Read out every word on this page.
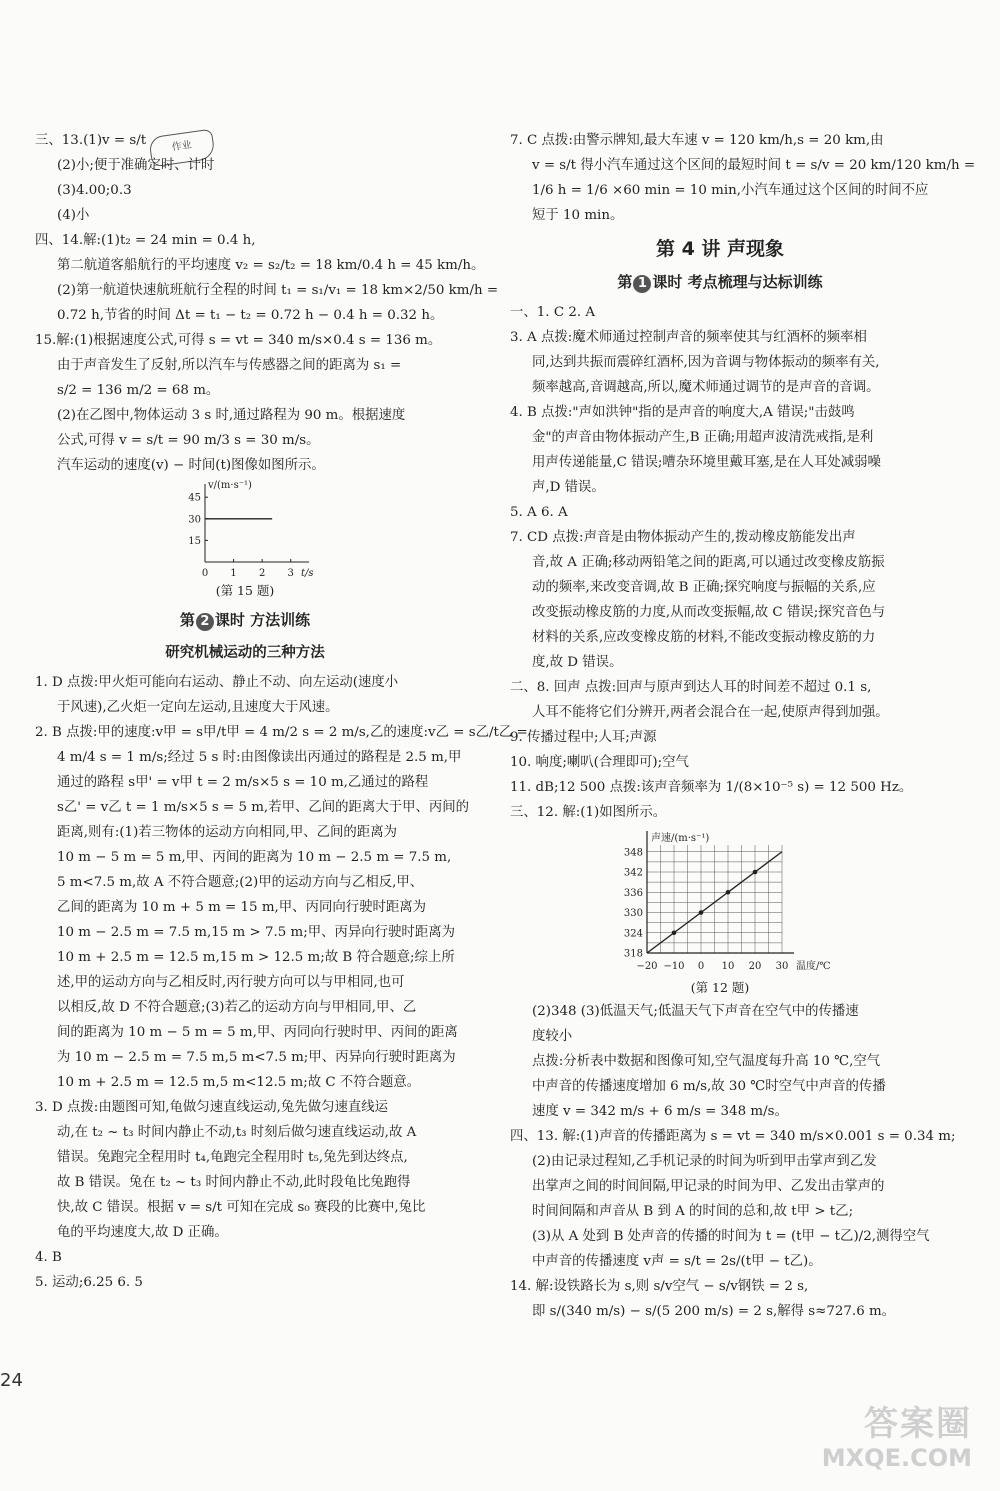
作业
三、13.(1)v = s/t
(2)小;便于准确定时、计时
(3)4.00;0.3
(4)小
四、14.解:(1)t₂ = 24 min = 0.4 h,
第二航道客船航行的平均速度 v₂ = s₂/t₂ = 18 km/0.4 h = 45 km/h。
(2)第一航道快速航班航行全程的时间 t₁ = s₁/v₁ = 18 km×2/50 km/h =
0.72 h,节省的时间 Δt = t₁ − t₂ = 0.72 h − 0.4 h = 0.32 h。
15.解:(1)根据速度公式,可得 s = vt = 340 m/s×0.4 s = 136 m。
由于声音发生了反射,所以汽车与传感器之间的距离为 s₁ =
s/2 = 136 m/2 = 68 m。
(2)在乙图中,物体运动 3 s 时,通过路程为 90 m。根据速度
公式,可得 v = s/t = 90 m/3 s = 30 m/s。
汽车运动的速度(v) − 时间(t)图像如图所示。
v/(m·s⁻¹)
t/s
0 1 2 3
15
30
45
(第 15 题)
第 2 课时 方法训练
研究机械运动的三种方法
1. D 点拨:甲火炬可能向右运动、静止不动、向左运动(速度小
于风速),乙火炬一定向左运动,且速度大于风速。
2. B 点拨:甲的速度:v甲 = s甲/t甲 = 4 m/2 s = 2 m/s,乙的速度:v乙 = s乙/t乙 =
4 m/4 s = 1 m/s;经过 5 s 时:由图像读出丙通过的路程是 2.5 m,甲
通过的路程 s甲' = v甲 t = 2 m/s×5 s = 10 m,乙通过的路程
s乙' = v乙 t = 1 m/s×5 s = 5 m,若甲、乙间的距离大于甲、丙间的
距离,则有:(1)若三物体的运动方向相同,甲、乙间的距离为
10 m − 5 m = 5 m,甲、丙间的距离为 10 m − 2.5 m = 7.5 m,
5 m<7.5 m,故 A 不符合题意;(2)甲的运动方向与乙相反,甲、
乙间的距离为 10 m + 5 m = 15 m,甲、丙同向行驶时距离为
10 m − 2.5 m = 7.5 m,15 m > 7.5 m;甲、丙异向行驶时距离为
10 m + 2.5 m = 12.5 m,15 m > 12.5 m;故 B 符合题意;综上所
述,甲的运动方向与乙相反时,丙行驶方向可以与甲相同,也可
以相反,故 D 不符合题意;(3)若乙的运动方向与甲相同,甲、乙
间的距离为 10 m − 5 m = 5 m,甲、丙同向行驶时甲、丙间的距离
为 10 m − 2.5 m = 7.5 m,5 m<7.5 m;甲、丙异向行驶时距离为
10 m + 2.5 m = 12.5 m,5 m<12.5 m;故 C 不符合题意。
3. D 点拨:由题图可知,龟做匀速直线运动,兔先做匀速直线运
动,在 t₂ ~ t₃ 时间内静止不动,t₃ 时刻后做匀速直线运动,故 A
错误。兔跑完全程用时 t₄,龟跑完全程用时 t₅,兔先到达终点,
故 B 错误。兔在 t₂ ~ t₃ 时间内静止不动,此时段龟比兔跑得
快,故 C 错误。根据 v = s/t 可知在完成 s₀ 赛段的比赛中,兔比
龟的平均速度大,故 D 正确。
4. B
5. 运动;6.25 6. 5
7. C 点拨:由警示牌知,最大车速 v = 120 km/h,s = 20 km,由
v = s/t 得小汽车通过这个区间的最短时间 t = s/v = 20 km/120 km/h =
1/6 h = 1/6 ×60 min = 10 min,小汽车通过这个区间的时间不应
短于 10 min。
第 4 讲 声现象
第 1 课时 考点梳理与达标训练
一、1. C 2. A
3. A 点拨:魔术师通过控制声音的频率使其与红酒杯的频率相
同,达到共振而震碎红酒杯,因为音调与物体振动的频率有关,
频率越高,音调越高,所以,魔术师通过调节的是声音的音调。
4. B 点拨:"声如洪钟"指的是声音的响度大,A 错误;"击鼓鸣
金"的声音由物体振动产生,B 正确;用超声波清洗戒指,是利
用声传递能量,C 错误;嘈杂环境里戴耳塞,是在人耳处减弱噪
声,D 错误。
5. A 6. A
7. CD 点拨:声音是由物体振动产生的,拨动橡皮筋能发出声
音,故 A 正确;移动两铅笔之间的距离,可以通过改变橡皮筋振
动的频率,来改变音调,故 B 正确;探究响度与振幅的关系,应
改变振动橡皮筋的力度,从而改变振幅,故 C 错误;探究音色与
材料的关系,应改变橡皮筋的材料,不能改变振动橡皮筋的力
度,故 D 错误。
二、8. 回声 点拨:回声与原声到达人耳的时间差不超过 0.1 s,
人耳不能将它们分辨开,两者会混合在一起,使原声得到加强。
9. 传播过程中;人耳;声源
10. 响度;喇叭(合理即可);空气
11. dB;12 500 点拨:该声音频率为 1/(8×10⁻⁵ s) = 12 500 Hz。
三、12. 解:(1)如图所示。
声速/(m·s⁻¹)
温度/℃
−20 −10 0 10 20 30
318
324
330
336
342
348
(第 12 题)
(2)348 (3)低温天气;低温天气下声音在空气中的传播速
度较小
点拨:分析表中数据和图像可知,空气温度每升高 10 ℃,空气
中声音的传播速度增加 6 m/s,故 30 ℃时空气中声音的传播
速度 v = 342 m/s + 6 m/s = 348 m/s。
四、13. 解:(1)声音的传播距离为 s = vt = 340 m/s×0.001 s = 0.34 m;
(2)由记录过程知,乙手机记录的时间为听到甲击掌声到乙发
出掌声之间的时间间隔,甲记录的时间为甲、乙发出击掌声的
时间间隔和声音从 B 到 A 的时间的总和,故 t甲 > t乙;
(3)从 A 处到 B 处声音的传播的时间为 t = (t甲 − t乙)/2,测得空气
中声音的传播速度 v声 = s/t = 2s/(t甲 − t乙)。
14. 解:设铁路长为 s,则 s/v空气 − s/v钢铁 = 2 s,
即 s/(340 m/s) − s/(5 200 m/s) = 2 s,解得 s≈727.6 m。
24
答案圈
MXQE.COM
